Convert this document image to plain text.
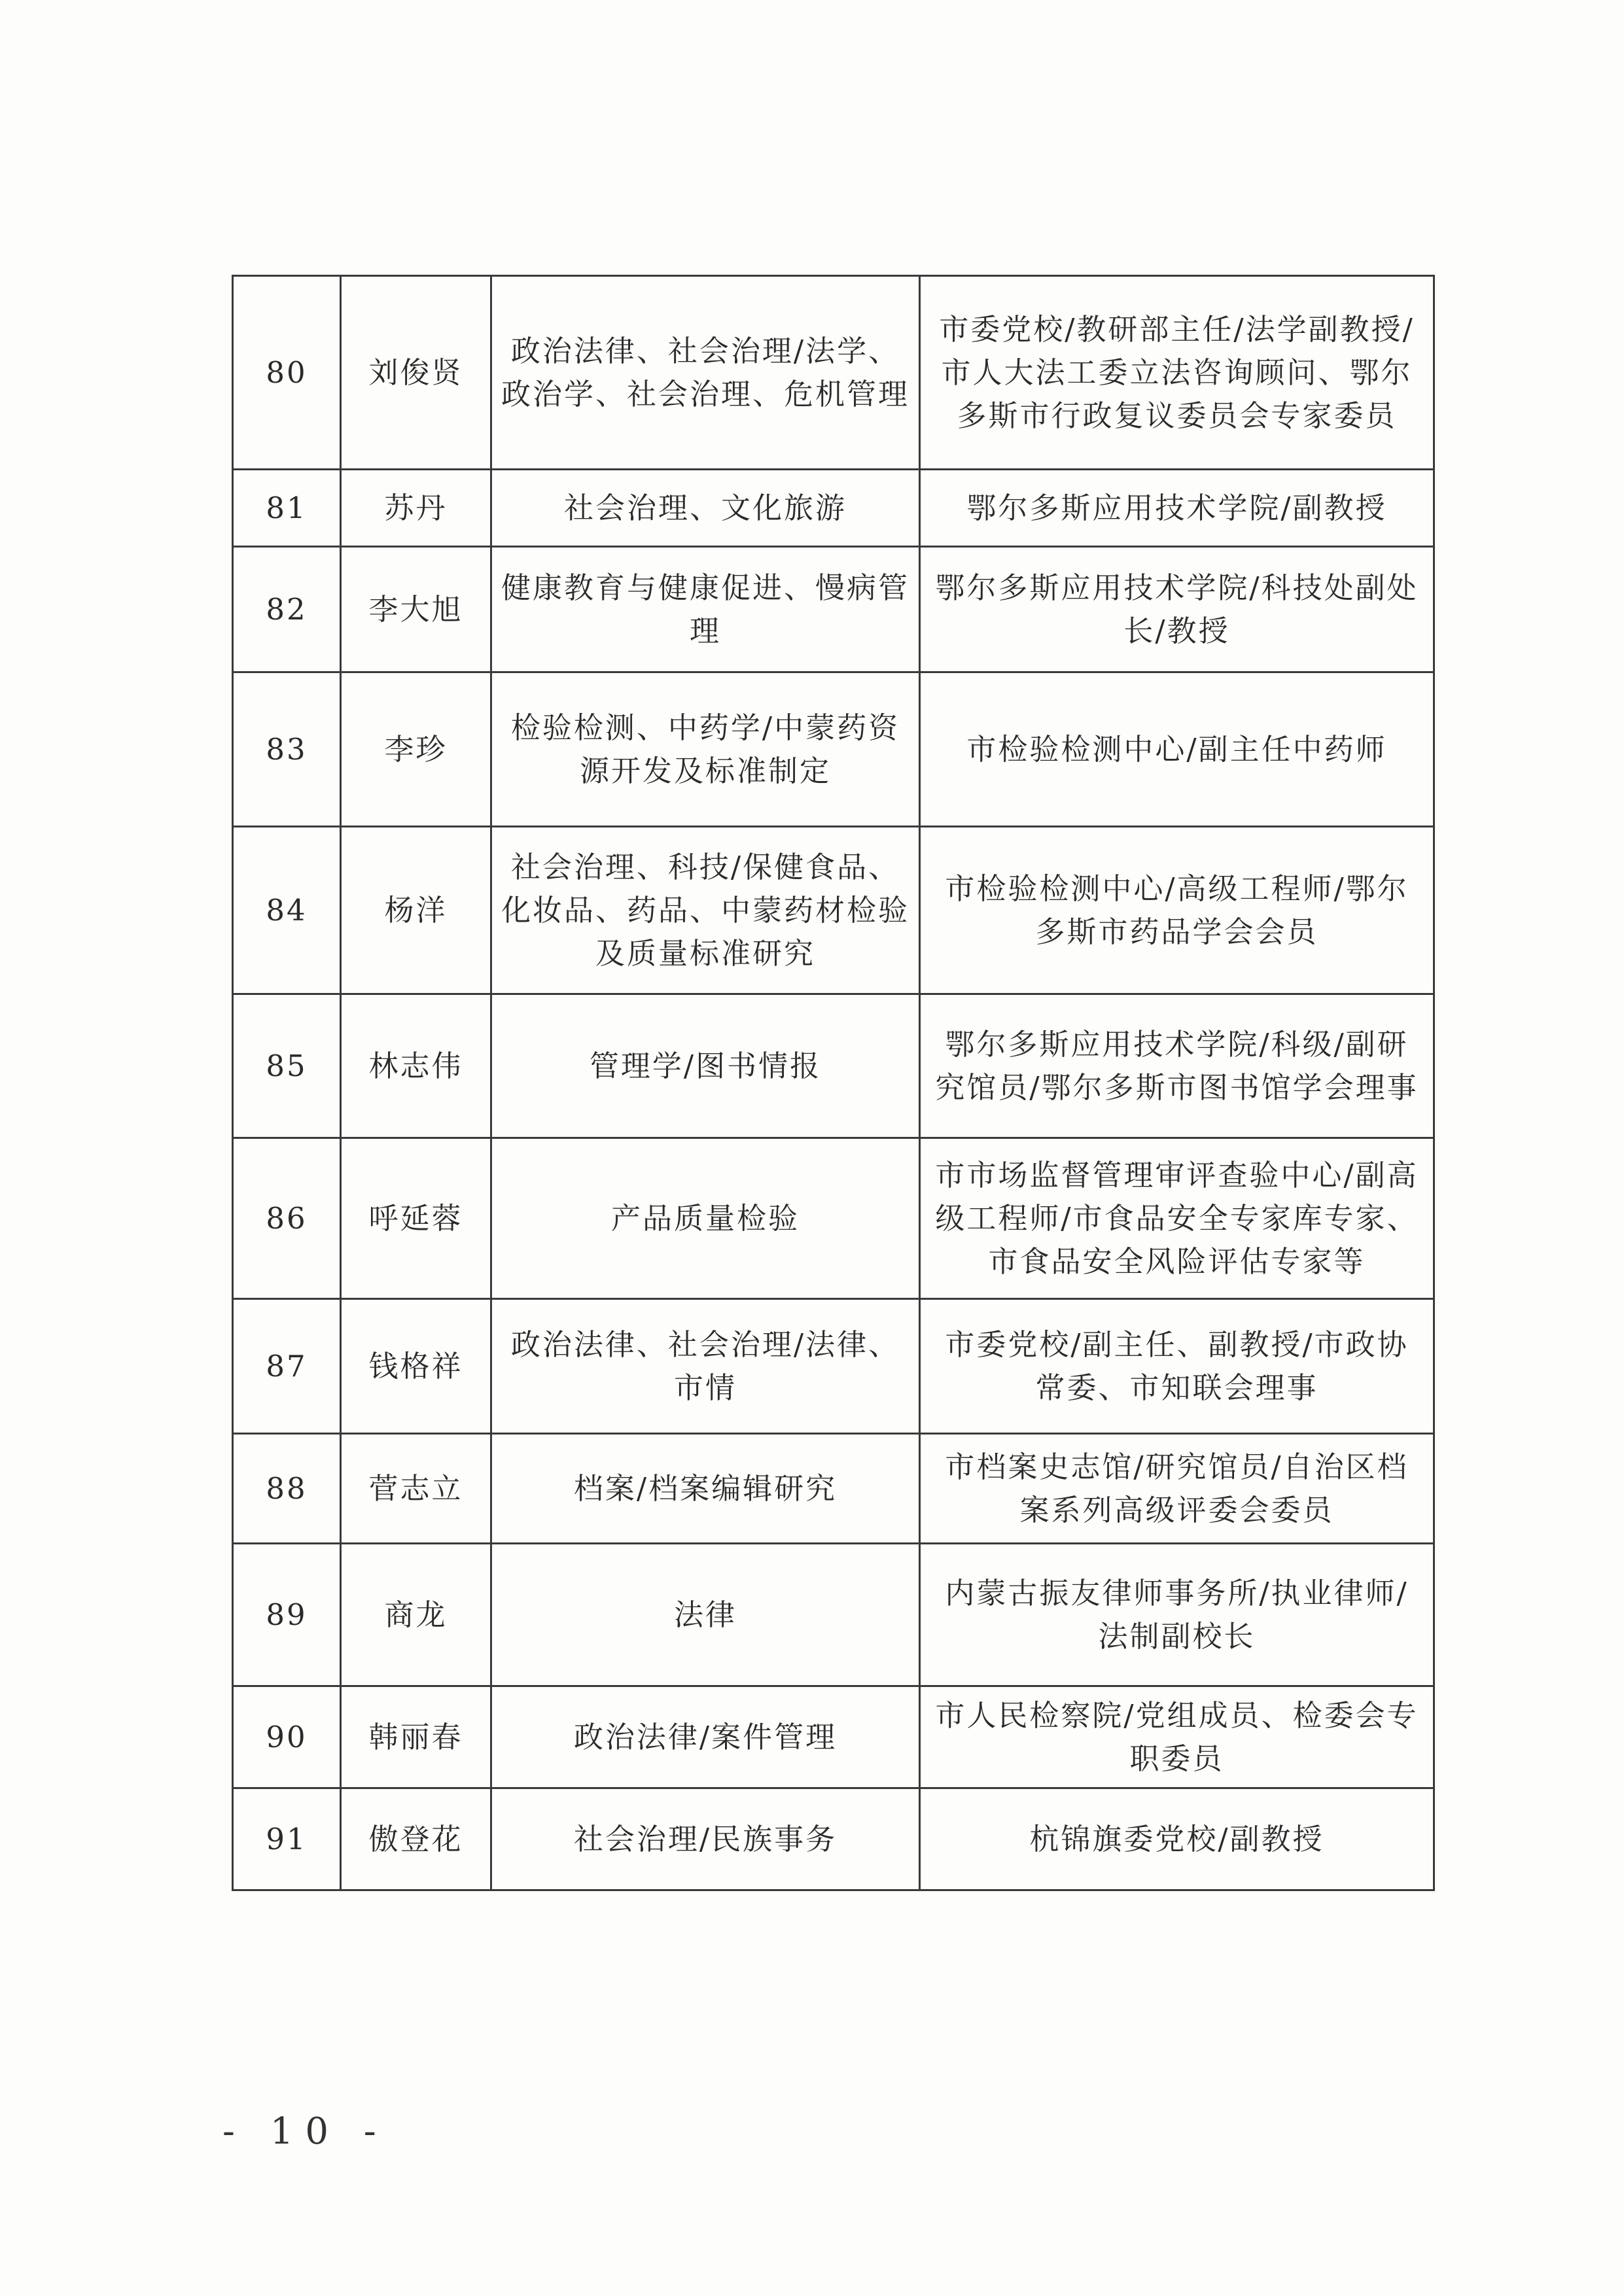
80	刘俊贤	政治法律、社会治理/法学、政治学、社会治理、危机管理	市委党校/教研部主任/法学副教授/市人大法工委立法咨询顾问、鄂尔多斯市行政复议委员会专家委员
81	苏丹	社会治理、文化旅游	鄂尔多斯应用技术学院/副教授
82	李大旭	健康教育与健康促进、慢病管理	鄂尔多斯应用技术学院/科技处副处长/教授
83	李珍	检验检测、中药学/中蒙药资源开发及标准制定	市检验检测中心/副主任中药师
84	杨洋	社会治理、科技/保健食品、化妆品、药品、中蒙药材检验及质量标准研究	市检验检测中心/高级工程师/鄂尔多斯市药品学会会员
85	林志伟	管理学/图书情报	鄂尔多斯应用技术学院/科级/副研究馆员/鄂尔多斯市图书馆学会理事
86	呼延蓉	产品质量检验	市市场监督管理审评查验中心/副高级工程师/市食品安全专家库专家、市食品安全风险评估专家等
87	钱格祥	政治法律、社会治理/法律、市情	市委党校/副主任、副教授/市政协常委、市知联会理事
88	菅志立	档案/档案编辑研究	市档案史志馆/研究馆员/自治区档案系列高级评委会委员
89	商龙	法律	内蒙古振友律师事务所/执业律师/法制副校长
90	韩丽春	政治法律/案件管理	市人民检察院/党组成员、检委会专职委员
91	傲登花	社会治理/民族事务	杭锦旗委党校/副教授
- 10 -
